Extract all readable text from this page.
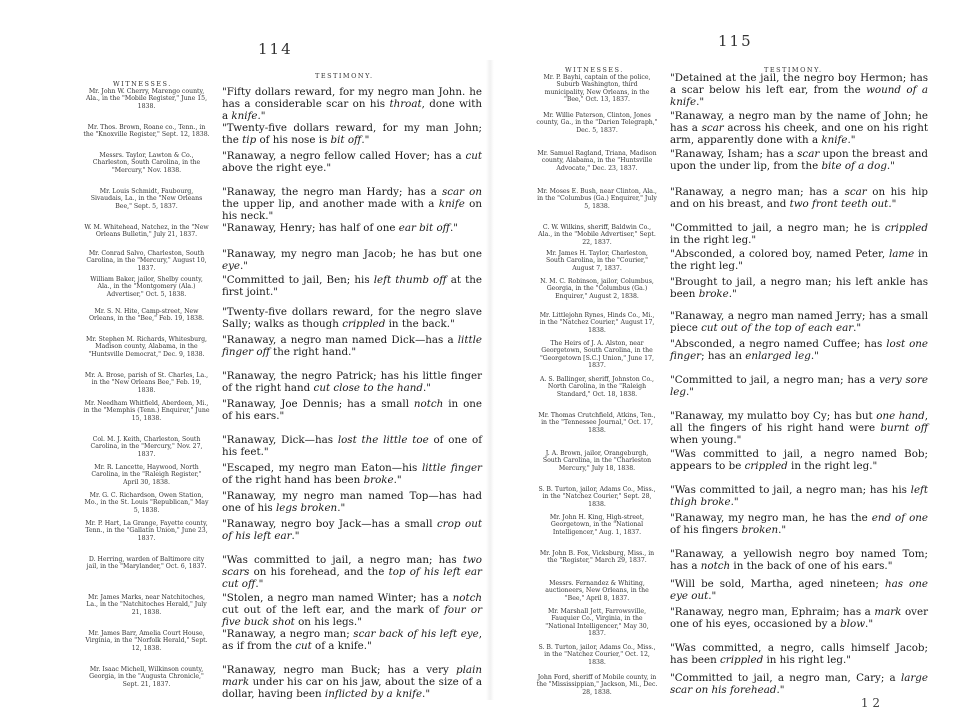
114
WITNESSES.
TESTIMONY.
Mr. John W. Cherry, Marengo county, Ala., in the "Mobile Register," June 15, 1838.
"Fifty dollars reward, for my negro man John. he has a considerable scar on his throat, done with a knife."
Mr. Thos. Brown, Roane co., Tenn., in the "Knoxville Register," Sept. 12, 1838.
"Twenty-five dollars reward, for my man John; the tip of his nose is bit off."
Messrs. Taylor, Lawton & Co., Charleston, South Carolina, in the "Mercury," Nov. 1838.
"Ranaway, a negro fellow called Hover; has a cut above the right eye."
Mr. Louis Schmidt, Faubourg, Sivaudais, La., in the "New Orleans Bee," Sept. 5, 1837.
"Ranaway, the negro man Hardy; has a scar on the upper lip, and another made with a knife on his neck."
W. M. Whitehead, Natchez, in the "New Orleans Bulletin," July 21, 1837.
"Ranaway, Henry; has half of one ear bit off."
Mr. Conrad Salvo, Charleston, South Carolina, in the "Mercury," August 10, 1837.
"Ranaway, my negro man Jacob; he has but one eye."
William Baker, jailor, Shelby county, Ala., in the "Montgomery (Ala.) Advertiser," Oct. 5, 1838.
"Committed to jail, Ben; his left thumb off at the first joint."
Mr. S. N. Hite, Camp-street, New Orleans, in the "Bee," Feb. 19, 1838.
"Twenty-five dollars reward, for the negro slave Sally; walks as though crippled in the back."
Mr. Stephen M. Richards, Whitesburg, Madison county, Alabama, in the "Huntsville Democrat," Dec. 9, 1838.
"Ranaway, a negro man named Dick—has a little finger off the right hand."
Mr. A. Brose, parish of St. Charles, La., in the "New Orleans Bee," Feb. 19, 1838.
"Ranaway, the negro Patrick; has his little finger of the right hand cut close to the hand."
Mr. Needham Whitfield, Aberdeen, Mi., in the "Memphis (Tenn.) Enquirer," June 15, 1838.
"Ranaway, Joe Dennis; has a small notch in one of his ears."
Col. M. J. Keith, Charleston, South Carolina, in the "Mercury," Nov. 27, 1837.
"Ranaway, Dick—has lost the little toe of one of his feet."
Mr. R. Lancette, Haywood, North Carolina, in the "Raleigh Register," April 30, 1838.
"Escaped, my negro man Eaton—his little finger of the right hand has been broke."
Mr. G. C. Richardson, Owen Station, Mo., in the St. Louis "Republican," May 5, 1838.
"Ranaway, my negro man named Top—has had one of his legs broken."
Mr. P. Hart, La Grange, Fayette county, Tenn., in the "Gallatin Union," June 23, 1837.
"Ranaway, negro boy Jack—has a small crop out of his left ear."
D. Herring, warden of Baltimore city jail, in the "Marylander," Oct. 6, 1837.
"Was committed to jail, a negro man; has two scars on his forehead, and the top of his left ear cut off."
Mr. James Marks, near Natchitoches, La., in the "Natchitoches Herald," July 21, 1838.
"Stolen, a negro man named Winter; has a notch cut out of the left ear, and the mark of four or five buck shot on his legs."
Mr. James Barr, Amelia Court House, Virginia, in the "Norfolk Herald," Sept. 12, 1838.
"Ranaway, a negro man; scar back of his left eye, as if from the cut of a knife."
Mr. Isaac Michell, Wilkinson county, Georgia, in the "Augusta Chronicle," Sept. 21, 1837.
"Ranaway, negro man Buck; has a very plain mark under his car on his jaw, about the size of a dollar, having been inflicted by a knife."
115
WITNESSES.	TESTIMONY.
Mr. P. Bayhi, captain of the police, Suburb Washington, third municipality, New Orleans, in the "Bee," Oct. 13, 1837.
"Detained at the jail, the negro boy Hermon; has a scar below his left ear, from the wound of a knife."
Mr. Willie Paterson, Clinton, Jones county, Ga., in the "Darien Telegraph," Dec. 5, 1837.
"Ranaway, a negro man by the name of John; he has a scar across his cheek, and one on his right arm, apparently done with a knife."
Mr. Samuel Ragland, Triana, Madison county, Alabama, in the "Huntsville Advocate," Dec. 23, 1837.
"Ranaway, Isham; has a scar upon the breast and upon the under lip, from the bite of a dog."
Mr. Moses E. Bush, near Clinton, Ala., in the "Columbus (Ga.) Enquirer," July 5, 1838.
"Ranaway, a negro man; has a scar on his hip and on his breast, and two front teeth out."
C. W. Wilkins, sheriff, Baldwin Co., Ala., in the "Mobile Advertiser," Sept. 22, 1837.
"Committed to jail, a negro man; he is crippled in the right leg."
Mr. James H. Taylor, Charleston, South Carolina, in the "Courier," August 7, 1837.
"Absconded, a colored boy, named Peter, lame in the right leg."
N. M. C. Robinson, jailor, Columbus, Georgia, in the "Columbus (Ga.) Enquirer," August 2, 1838.
"Brought to jail, a negro man; his left ankle has been broke."
Mr. Littlejohn Rynes, Hinds Co., Mi., in the "Natchez Courier," August 17, 1838.
"Ranaway, a negro man named Jerry; has a small piece cut out of the top of each ear."
The Heirs of J. A. Alston, near Georgetown, South Carolina, in the "Georgetown [S.C.] Union," June 17, 1837.
"Absconded, a negro named Cuffee; has lost one finger; has an enlarged leg."
A. S. Ballinger, sheriff, Johnston Co., North Carolina, in the "Raleigh Standard," Oct. 18, 1838.
"Committed to jail, a negro man; has a very sore leg."
Mr. Thomas Crutchfield, Atkins, Ten., in the "Tennessee Journal," Oct. 17, 1838.
"Ranaway, my mulatto boy Cy; has but one hand, all the fingers of his right hand were burnt off when young."
J. A. Brown, jailor, Orangeburgh, South Carolina, in the "Charleston Mercury," July 18, 1838.
"Was committed to jail, a negro named Bob; appears to be crippled in the right leg."
S. B. Turton, jailor, Adams Co., Miss., in the "Natchez Courier," Sept. 28, 1838.
"Was committed to jail, a negro man; has his left thigh broke."
Mr. John H. King, High-street, Georgetown, in the "National Intelligencer," Aug. 1, 1837.
"Ranaway, my negro man, he has the end of one of his fingers broken."
Mr. John B. Fox, Vicksburg, Miss., in the "Register," March 29, 1837.
"Ranaway, a yellowish negro boy named Tom; has a notch in the back of one of his ears."
Messrs. Fernandez & Whiting, auctioneers, New Orleans, in the "Bee," April 8, 1837.
"Will be sold, Martha, aged nineteen; has one eye out."
Mr. Marshall Jett, Farrowsville, Fauquier Co., Virginia, in the "National Intelligencer," May 30, 1837.
"Ranaway, negro man, Ephraim; has a mark over one of his eyes, occasioned by a blow."
S. B. Turton, jailor, Adams Co., Miss., in the "Natchez Courier," Oct. 12, 1838.
"Was committed, a negro, calls himself Jacob; has been crippled in his right leg."
John Ford, sheriff of Mobile county, in the "Mississippian," Jackson, Mi., Dec. 28, 1838.
"Committed to jail, a negro man, Cary; a large scar on his forehead."
1 2
